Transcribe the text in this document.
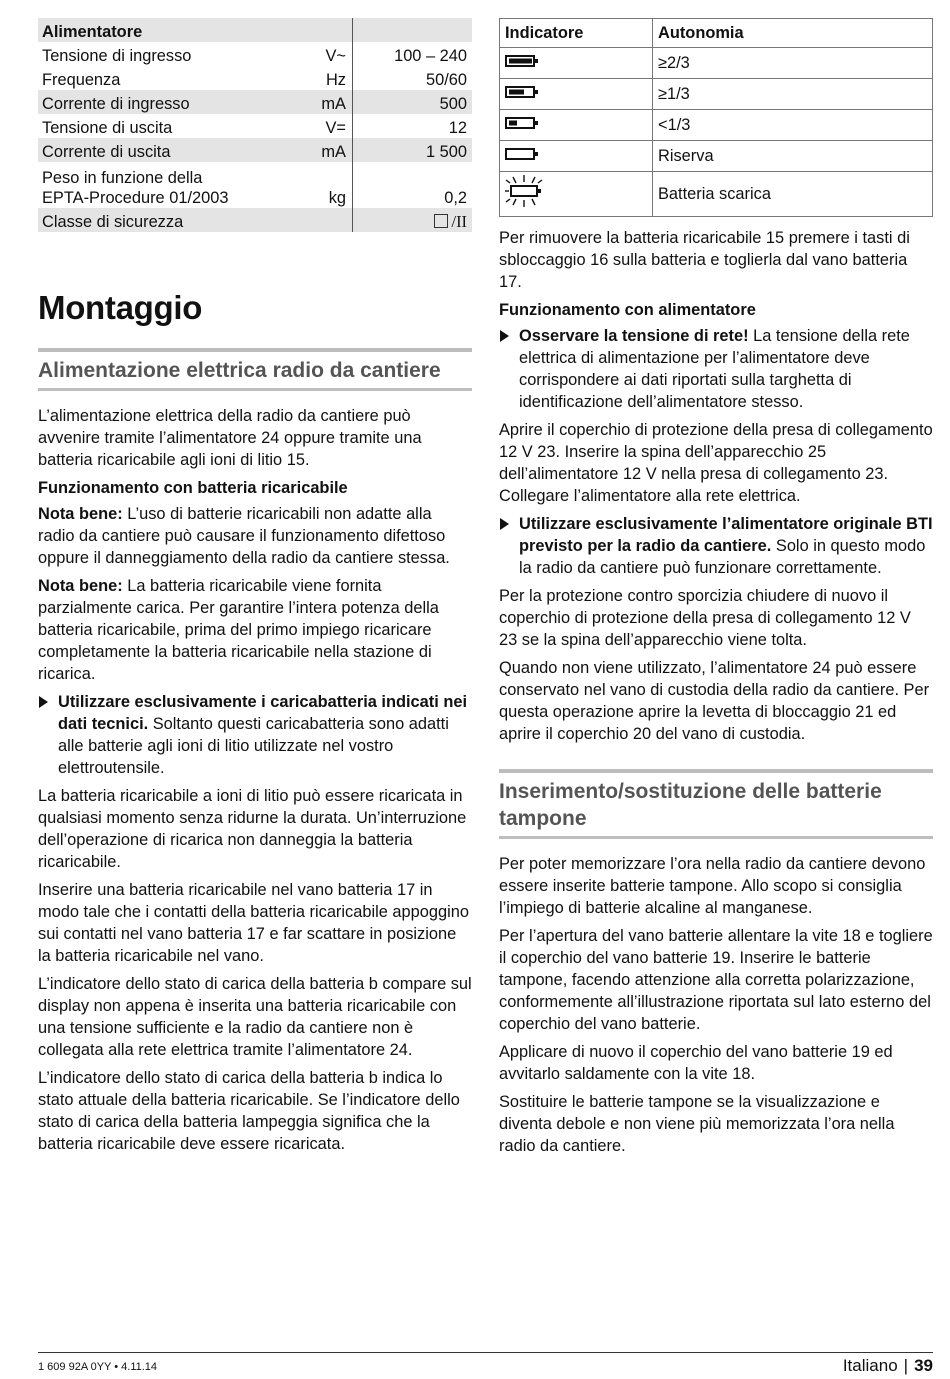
Alimentatore		
Tensione di ingresso	V~	100 – 240
Frequenza	Hz	50/60
Corrente di ingresso	mA	500
Tensione di uscita	V=	12
Corrente di uscita	mA	1 500
Peso in funzione della
EPTA-Procedure 01/2003	kg	0,2
Classe di sicurezza		/II
Montaggio
Alimentazione elettrica radio da cantiere

L’alimentazione elettrica della radio da cantiere può avvenire tramite l’alimentatore 24 oppure tramite una batteria ricaricabile agli ioni di litio 15.

Funzionamento con batteria ricaricabile

Nota bene: L’uso di batterie ricaricabili non adatte alla radio da cantiere può causare il funzionamento difettoso oppure il danneggiamento della radio da cantiere stessa.

Nota bene: La batteria ricaricabile viene fornita parzialmente carica. Per garantire l’intera potenza della batteria ricaricabile, prima del primo impiego ricaricare completamente la batteria ricaricabile nella stazione di ricarica.

Utilizzare esclusivamente i caricabatteria indicati nei dati tecnici. Soltanto questi caricabatteria sono adatti alle batterie agli ioni di litio utilizzate nel vostro elettroutensile.

La batteria ricaricabile a ioni di litio può essere ricaricata in qualsiasi momento senza ridurne la durata. Un’interruzione dell’operazione di ricarica non danneggia la batteria ricaricabile.

Inserire una batteria ricaricabile nel vano batteria 17 in modo tale che i contatti della batteria ricaricabile appoggino sui contatti nel vano batteria 17 e far scattare in posizione la batteria ricaricabile nel vano.

L’indicatore dello stato di carica della batteria b compare sul display non appena è inserita una batteria ricaricabile con una tensione sufficiente e la radio da cantiere non è collegata alla rete elettrica tramite l’alimentatore 24.

L’indicatore dello stato di carica della batteria b indica lo stato attuale della batteria ricaricabile. Se l’indicatore dello stato di carica della batteria lampeggia significa che la batteria ricaricabile deve essere ricaricata.

Indicatore	Autonomia
	≥2/3
	≥1/3
	<1/3
	Riserva
	Batteria scarica

Per rimuovere la batteria ricaricabile 15 premere i tasti di sbloccaggio 16 sulla batteria e toglierla dal vano batteria 17.

Funzionamento con alimentatore

Osservare la tensione di rete! La tensione della rete elettrica di alimentazione per l’alimentatore deve corrispondere ai dati riportati sulla targhetta di identificazione dell’alimentatore stesso.

Aprire il coperchio di protezione della presa di collegamento 12 V 23. Inserire la spina dell’apparecchio 25 dell’alimentatore 12 V nella presa di collegamento 23. Collegare l’alimentatore alla rete elettrica.

Utilizzare esclusivamente l’alimentatore originale BTI previsto per la radio da cantiere. Solo in questo modo la radio da cantiere può funzionare correttamente.

Per la protezione contro sporcizia chiudere di nuovo il coperchio di protezione della presa di collegamento 12 V 23 se la spina dell’apparecchio viene tolta.

Quando non viene utilizzato, l’alimentatore 24 può essere conservato nel vano di custodia della radio da cantiere. Per questa operazione aprire la levetta di bloccaggio 21 ed aprire il coperchio 20 del vano di custodia.

Inserimento/sostituzione delle batterie tampone

Per poter memorizzare l’ora nella radio da cantiere devono essere inserite batterie tampone. Allo scopo si consiglia l’impiego di batterie alcaline al manganese.

Per l’apertura del vano batterie allentare la vite 18 e togliere il coperchio del vano batterie 19. Inserire le batterie tampone, facendo attenzione alla corretta polarizzazione, conformemente all’illustrazione riportata sul lato esterno del coperchio del vano batterie.

Applicare di nuovo il coperchio del vano batterie 19 ed avvitarlo saldamente con la vite 18.

Sostituire le batterie tampone se la visualizzazione e diventa debole e non viene più memorizzata l’ora nella radio da cantiere.

1 609 92A 0YY • 4.11.14	Italiano | 39
